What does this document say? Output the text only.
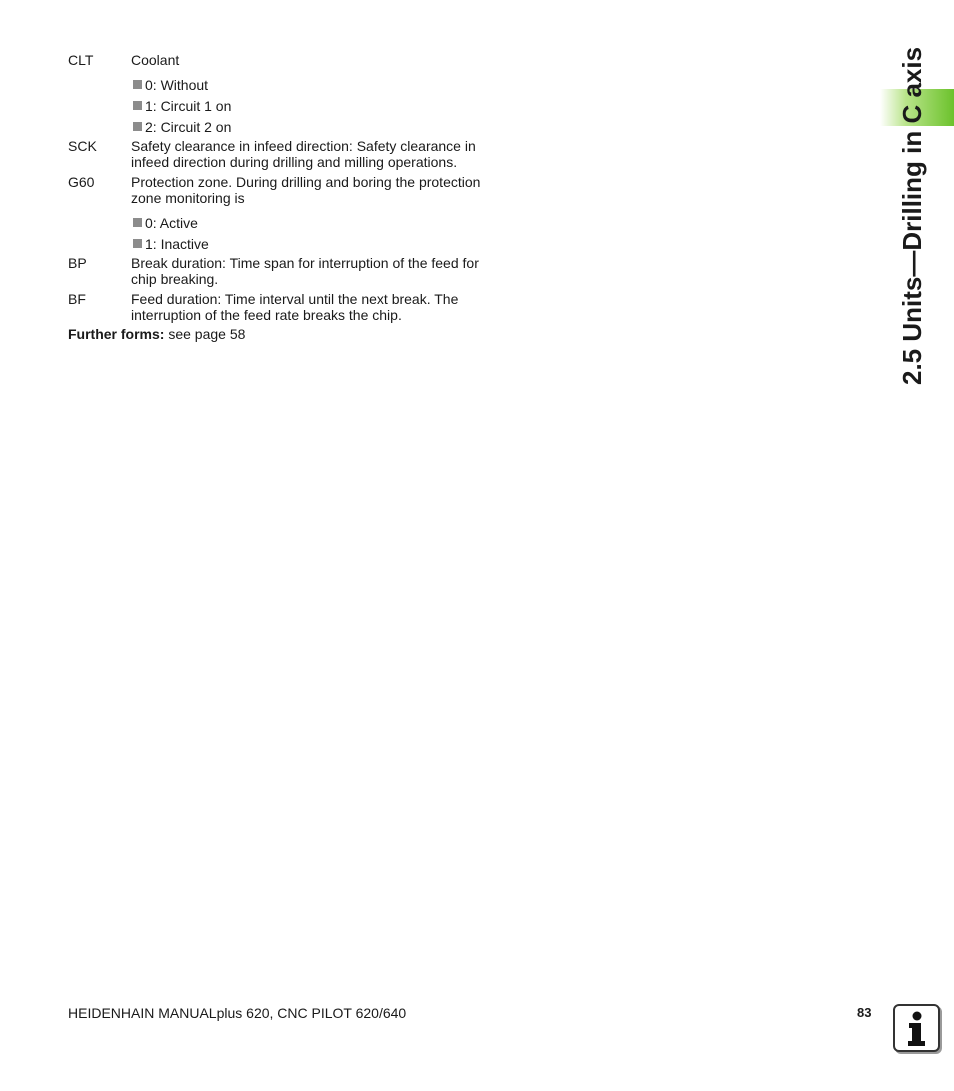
CLT	Coolant
0: Without
1: Circuit 1 on
2: Circuit 2 on
SCK Safety clearance in infeed direction: Safety clearance in infeed direction during drilling and milling operations.
G60	Protection zone. During drilling and boring the protection zone monitoring is
0: Active
1: Inactive
BP	Break duration: Time span for interruption of the feed for chip breaking.
BF	Feed duration: Time interval until the next break. The interruption of the feed rate breaks the chip.
Further forms: see page 58	2.5 Units—Drilling in C axis
HEIDENHAIN MANUALplus 620, CNC PILOT 620/640	83
